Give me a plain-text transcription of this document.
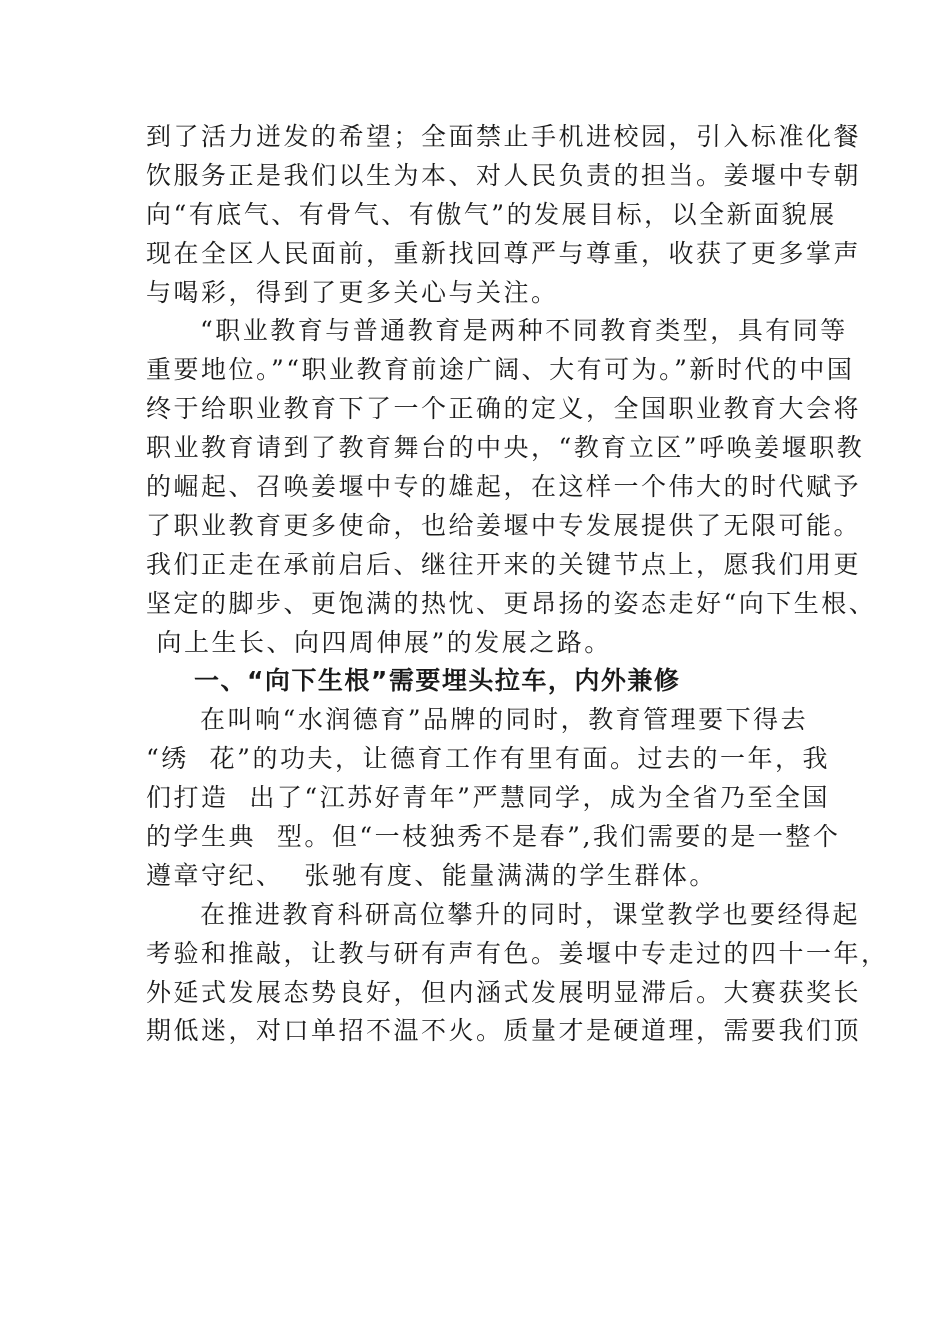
到了活力迸发的希望；全面禁止手机进校园，引入标准化餐
饮服务正是我们以生为本、对人民负责的担当。姜堰中专朝
向“有底气、有骨气、有傲气”的发展目标，以全新面貌展
现在全区人民面前，重新找回尊严与尊重，收获了更多掌声
与喝彩，得到了更多关心与关注。
“职业教育与普通教育是两种不同教育类型，具有同等
重要地位。”“职业教育前途广阔、大有可为。”新时代的中国
终于给职业教育下了一个正确的定义，全国职业教育大会将
职业教育请到了教育舞台的中央，“教育立区”呼唤姜堰职教
的崛起、召唤姜堰中专的雄起，在这样一个伟大的时代赋予
了职业教育更多使命，也给姜堰中专发展提供了无限可能。
我们正走在承前启后、继往开来的关键节点上，愿我们用更
坚定的脚步、更饱满的热忱、更昂扬的姿态走好“向下生根、
向上生长、向四周伸展”的发展之路。
一、“向下生根”需要埋头拉车，内外兼修
在叫响“水润德育”品牌的同时，教育管理要下得去
“绣  花”的功夫，让德育工作有里有面。过去的一年，我
们打造  出了“江苏好青年”严慧同学，成为全省乃至全国
的学生典  型。但“一枝独秀不是春”,我们需要的是一整个
遵章守纪、  张驰有度、能量满满的学生群体。
在推进教育科研高位攀升的同时，课堂教学也要经得起
考验和推敲，让教与研有声有色。姜堰中专走过的四十一年，
外延式发展态势良好，但内涵式发展明显滞后。大赛获奖长
期低迷，对口单招不温不火。质量才是硬道理，需要我们顶
